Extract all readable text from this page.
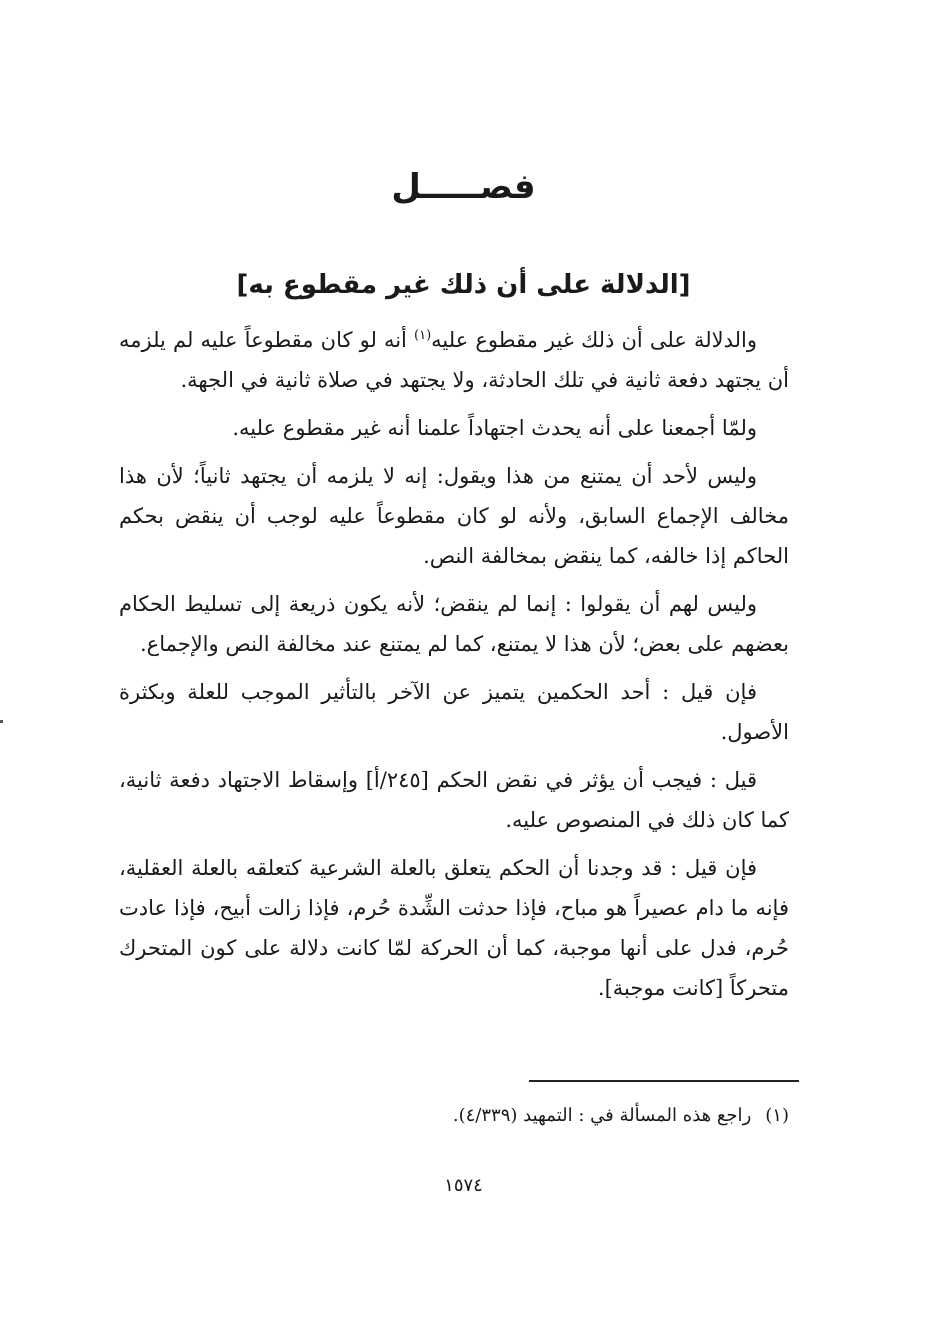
فصـــــل
[الدلالة على أن ذلك غير مقطوع به]

والدلالة على أن ذلك غير مقطوع عليه$^{(١)}$ أنه لو كان مقطوعاً عليه لم يلزمه أن يجتهد دفعة ثانية في تلك الحادثة، ولا يجتهد في صلاة ثانية في الجهة.

ولمّا أجمعنا على أنه يحدث اجتهاداً علمنا أنه غير مقطوع عليه.

وليس لأحد أن يمتنع من هذا ويقول: إنه لا يلزمه أن يجتهد ثانياً؛ لأن هذا مخالف الإجماع السابق، ولأنه لو كان مقطوعاً عليه لوجب أن ينقض بحكم الحاكم إذا خالفه، كما ينقض بمخالفة النص.

وليس لهم أن يقولوا : إنما لم ينقض؛ لأنه يكون ذريعة إلى تسليط الحكام بعضهم على بعض؛ لأن هذا لا يمتنع، كما لم يمتنع عند مخالفة النص والإجماع.

فإن قيل : أحد الحكمين يتميز عن الآخر بالتأثير الموجب للعلة وبكثرة الأصول.

قيل : فيجب أن يؤثر في نقض الحكم [٢٤٥/أ] وإسقاط الاجتهاد دفعة ثانية، كما كان ذلك في المنصوص عليه.

فإن قيل : قد وجدنا أن الحكم يتعلق بالعلة الشرعية كتعلقه بالعلة العقلية، فإنه ما دام عصيراً هو مباح، فإذا حدثت الشِّدة حُرم، فإذا زالت أبيح، فإذا عادت حُرم، فدل على أنها موجبة، كما أن الحركة لمّا كانت دلالة على كون المتحرك متحركاً [كانت موجبة].

(١)راجع هذه المسألة في : التمهيد (٤/٣٣٩).
١٥٧٤
